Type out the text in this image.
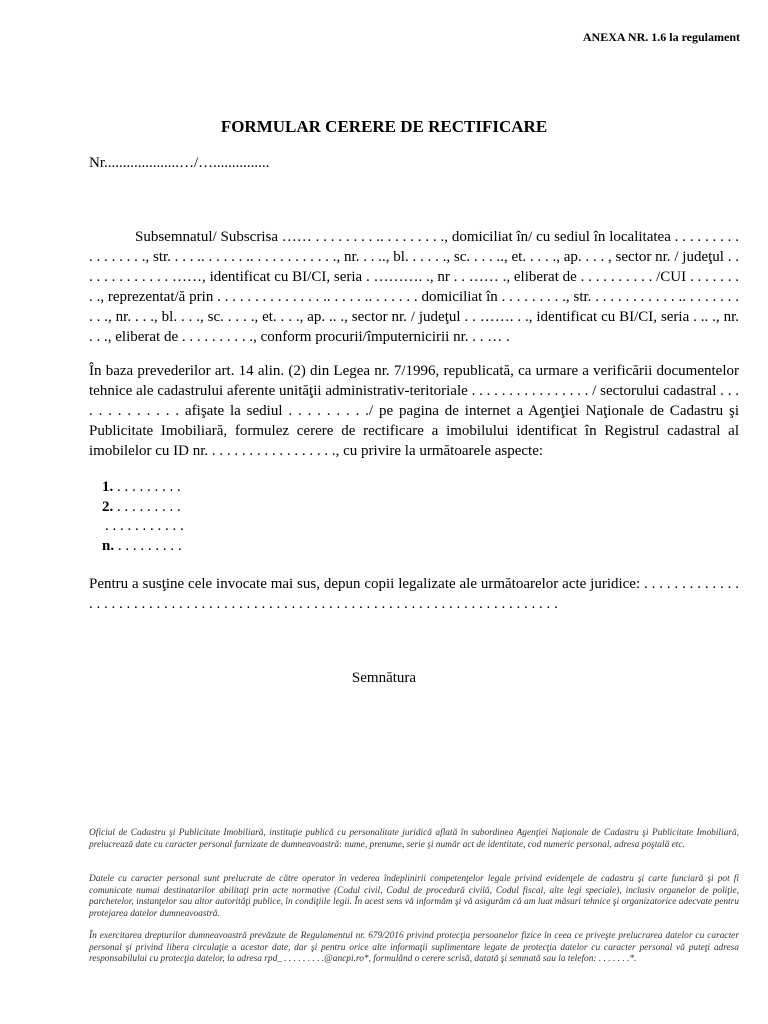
ANEXA NR. 1.6 la regulament
FORMULAR CERERE DE RECTIFICARE
Nr....................…/…...............
Subsemnatul/ Subscrisa …… . . . . . . . . .. . . . . . . . ., domiciliat în/ cu sediul în localitatea . . . . . . . . . . . . . . . . ., str. . . . .. . . . . . .. . . . . . . . . . . ., nr. . . .., bl. . . . . ., sc. . . . .., et. . . . ., ap. . . . , sector nr. / judeţul . . . . . . . . . . . . . ……, identificat cu BI/CI, seria . ………. ., nr . . …… ., eliberat de . . . . . . . . . . /CUI . . . . . . . . ., reprezentat/ă prin . . . . . . . . . . . . . . .. . . . . .. . . . . . . domiciliat în . . . . . . . . ., str. . . . . . . . . . . . .. . . . . . . . . . ., nr. . . ., bl. . . ., sc. . . . ., et. . . ., ap. .. ., sector nr. / judeţul . . ……. . ., identificat cu BI/CI, seria . .. ., nr. . . ., eliberat de . . . . . . . . . ., conform procurii/împuternicirii nr. . . … .
În baza prevederilor art. 14 alin. (2) din Legea nr. 7/1996, republicată, ca urmare a verificării documentelor tehnice ale cadastrului aferente unităţii administrativ-teritoriale . . . . . . . . . . . . . . . . / sectorului cadastral . . . . . . . . . . . . . afişate la sediul . . . . . . . . ./ pe pagina de internet a Agenţiei Naţionale de Cadastru şi Publicitate Imobiliară, formulez cerere de rectificare a imobilului identificat în Registrul cadastral al imobilelor cu ID nr. . . . . . . . . . . . . . . . . ., cu privire la următoarele aspecte:
1. . . . . . . . . .
2. . . . . . . . . .
. . . . . . . . . . .
n. . . . . . . . . .
Pentru a susţine cele invocate mai sus, depun copii legalizate ale următoarelor acte juridice: . . . . . . . . . . . . . . . . . . . . . . . . . . . . . . . . . . . . . . . . . . . . . . . . . . . . . . . . . . . . . . . . . . . . . . . . . . . .
Semnătura
Oficiul de Cadastru şi Publicitate Imobiliară, instituţie publică cu personalitate juridică aflată în subordinea Agenţiei Naţionale de Cadastru şi Publicitate Imobiliară, prelucrează date cu caracter personal furnizate de dumneavoastră: nume, prenume, serie şi număr act de identitate, cod numeric personal, adresa poştală etc.
Datele cu caracter personal sunt prelucrate de către operator în vederea îndeplinirii competenţelor legale privind evidenţele de cadastru şi carte funciară şi pot fi comunicate numai destinatarilor abilitaţi prin acte normative (Codul civil, Codul de procedură civilă, Codul fiscal, alte legi speciale), inclusiv organelor de poliţie, parchetelor, instanţelor sau altor autorităţi publice, în condiţiile legii. În acest sens vă informăm şi vă asigurăm că am luat măsuri tehnice şi organizatorice adecvate pentru protejarea datelor dumneavoastră.
În exercitarea drepturilor dumneavoastră prevăzute de Regulamentul nr. 679/2016 privind protecţia persoanelor fizice în ceea ce priveşte prelucrarea datelor cu caracter personal şi privind libera circulaţie a acestor date, dar şi pentru orice alte informaţii suplimentare legate de protecţia datelor cu caracter personal vă puteţi adresa responsabilului cu protecţia datelor, la adresa rpd_ . . . . . . . . .@ancpi.ro*, formulând o cerere scrisă, datată şi semnată sau la telefon: . . . . . . .*.
